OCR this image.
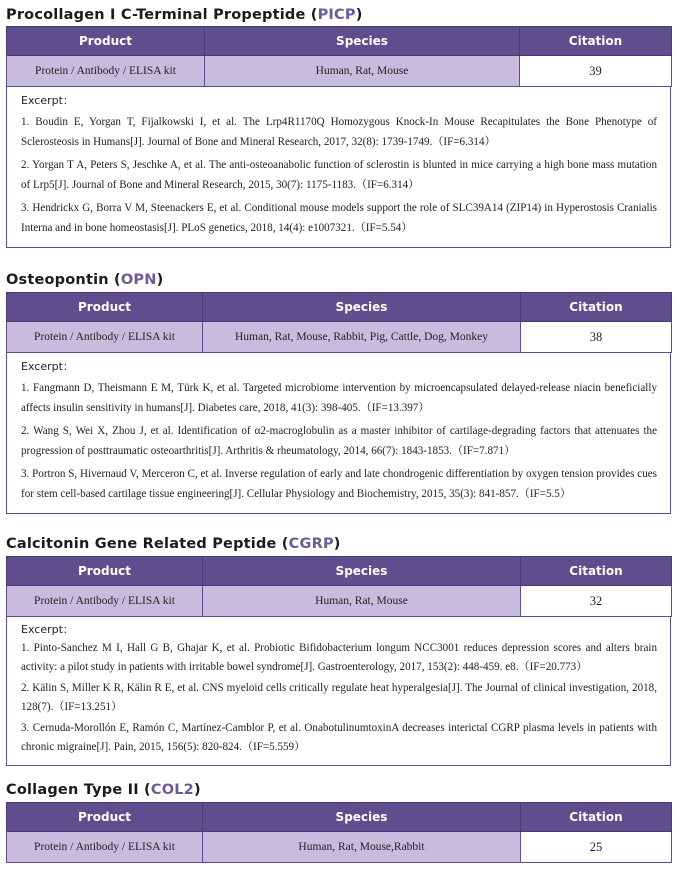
Procollagen I C-Terminal Propeptide (PICP)
Product	Species	Citation
Protein / Antibody / ELISA kit	Human, Rat, Mouse	39
Excerpt：

1. Boudin E, Yorgan T, Fijalkowski I, et al. The Lrp4R1170Q Homozygous Knock-In Mouse Recapitulates the Bone Phenotype of Sclerosteosis in Humans[J]. Journal of Bone and Mineral Research, 2017, 32(8): 1739-1749.（IF=6.314）

2. Yorgan T A, Peters S, Jeschke A, et al. The anti-osteoanabolic function of sclerostin is blunted in mice carrying a high bone mass mutation of Lrp5[J]. Journal of Bone and Mineral Research, 2015, 30(7): 1175-1183.（IF=6.314）

3. Hendrickx G, Borra V M, Steenackers E, et al. Conditional mouse models support the role of SLC39A14 (ZIP14) in Hyperostosis Cranialis Interna and in bone homeostasis[J]. PLoS genetics, 2018, 14(4): e1007321.（IF=5.54）

Osteopontin (OPN)
Product	Species	Citation
Protein / Antibody / ELISA kit	Human, Rat, Mouse, Rabbit, Pig, Cattle, Dog, Monkey	38
Excerpt：

1. Fangmann D, Theismann E M, Türk K, et al. Targeted microbiome intervention by microencapsulated delayed-release niacin beneficially affects insulin sensitivity in humans[J]. Diabetes care, 2018, 41(3): 398-405.（IF=13.397）

2. Wang S, Wei X, Zhou J, et al. Identification of α2-macroglobulin as a master inhibitor of cartilage-degrading factors that attenuates the progression of posttraumatic osteoarthritis[J]. Arthritis & rheumatology, 2014, 66(7): 1843-1853.（IF=7.871）

3. Portron S, Hivernaud V, Merceron C, et al. Inverse regulation of early and late chondrogenic differentiation by oxygen tension provides cues for stem cell-based cartilage tissue engineering[J]. Cellular Physiology and Biochemistry, 2015, 35(3): 841-857.（IF=5.5）

Calcitonin Gene Related Peptide (CGRP)
Product	Species	Citation
Protein / Antibody / ELISA kit	Human, Rat, Mouse	32
Excerpt：

1. Pinto-Sanchez M I, Hall G B, Ghajar K, et al. Probiotic Bifidobacterium longum NCC3001 reduces depression scores and alters brain activity: a pilot study in patients with irritable bowel syndrome[J]. Gastroenterology, 2017, 153(2): 448-459. e8.（IF=20.773）

2. Kälin S, Miller K R, Kälin R E, et al. CNS myeloid cells critically regulate heat hyperalgesia[J]. The Journal of clinical investigation, 2018, 128(7).（IF=13.251）

3. Cernuda-Morollón E, Ramón C, Martínez-Camblor P, et al. OnabotulinumtoxinA decreases interictal CGRP plasma levels in patients with chronic migraine[J]. Pain, 2015, 156(5): 820-824.（IF=5.559）

Collagen Type II (COL2)
Product	Species	Citation
Protein / Antibody / ELISA kit	Human, Rat, Mouse,Rabbit	25
